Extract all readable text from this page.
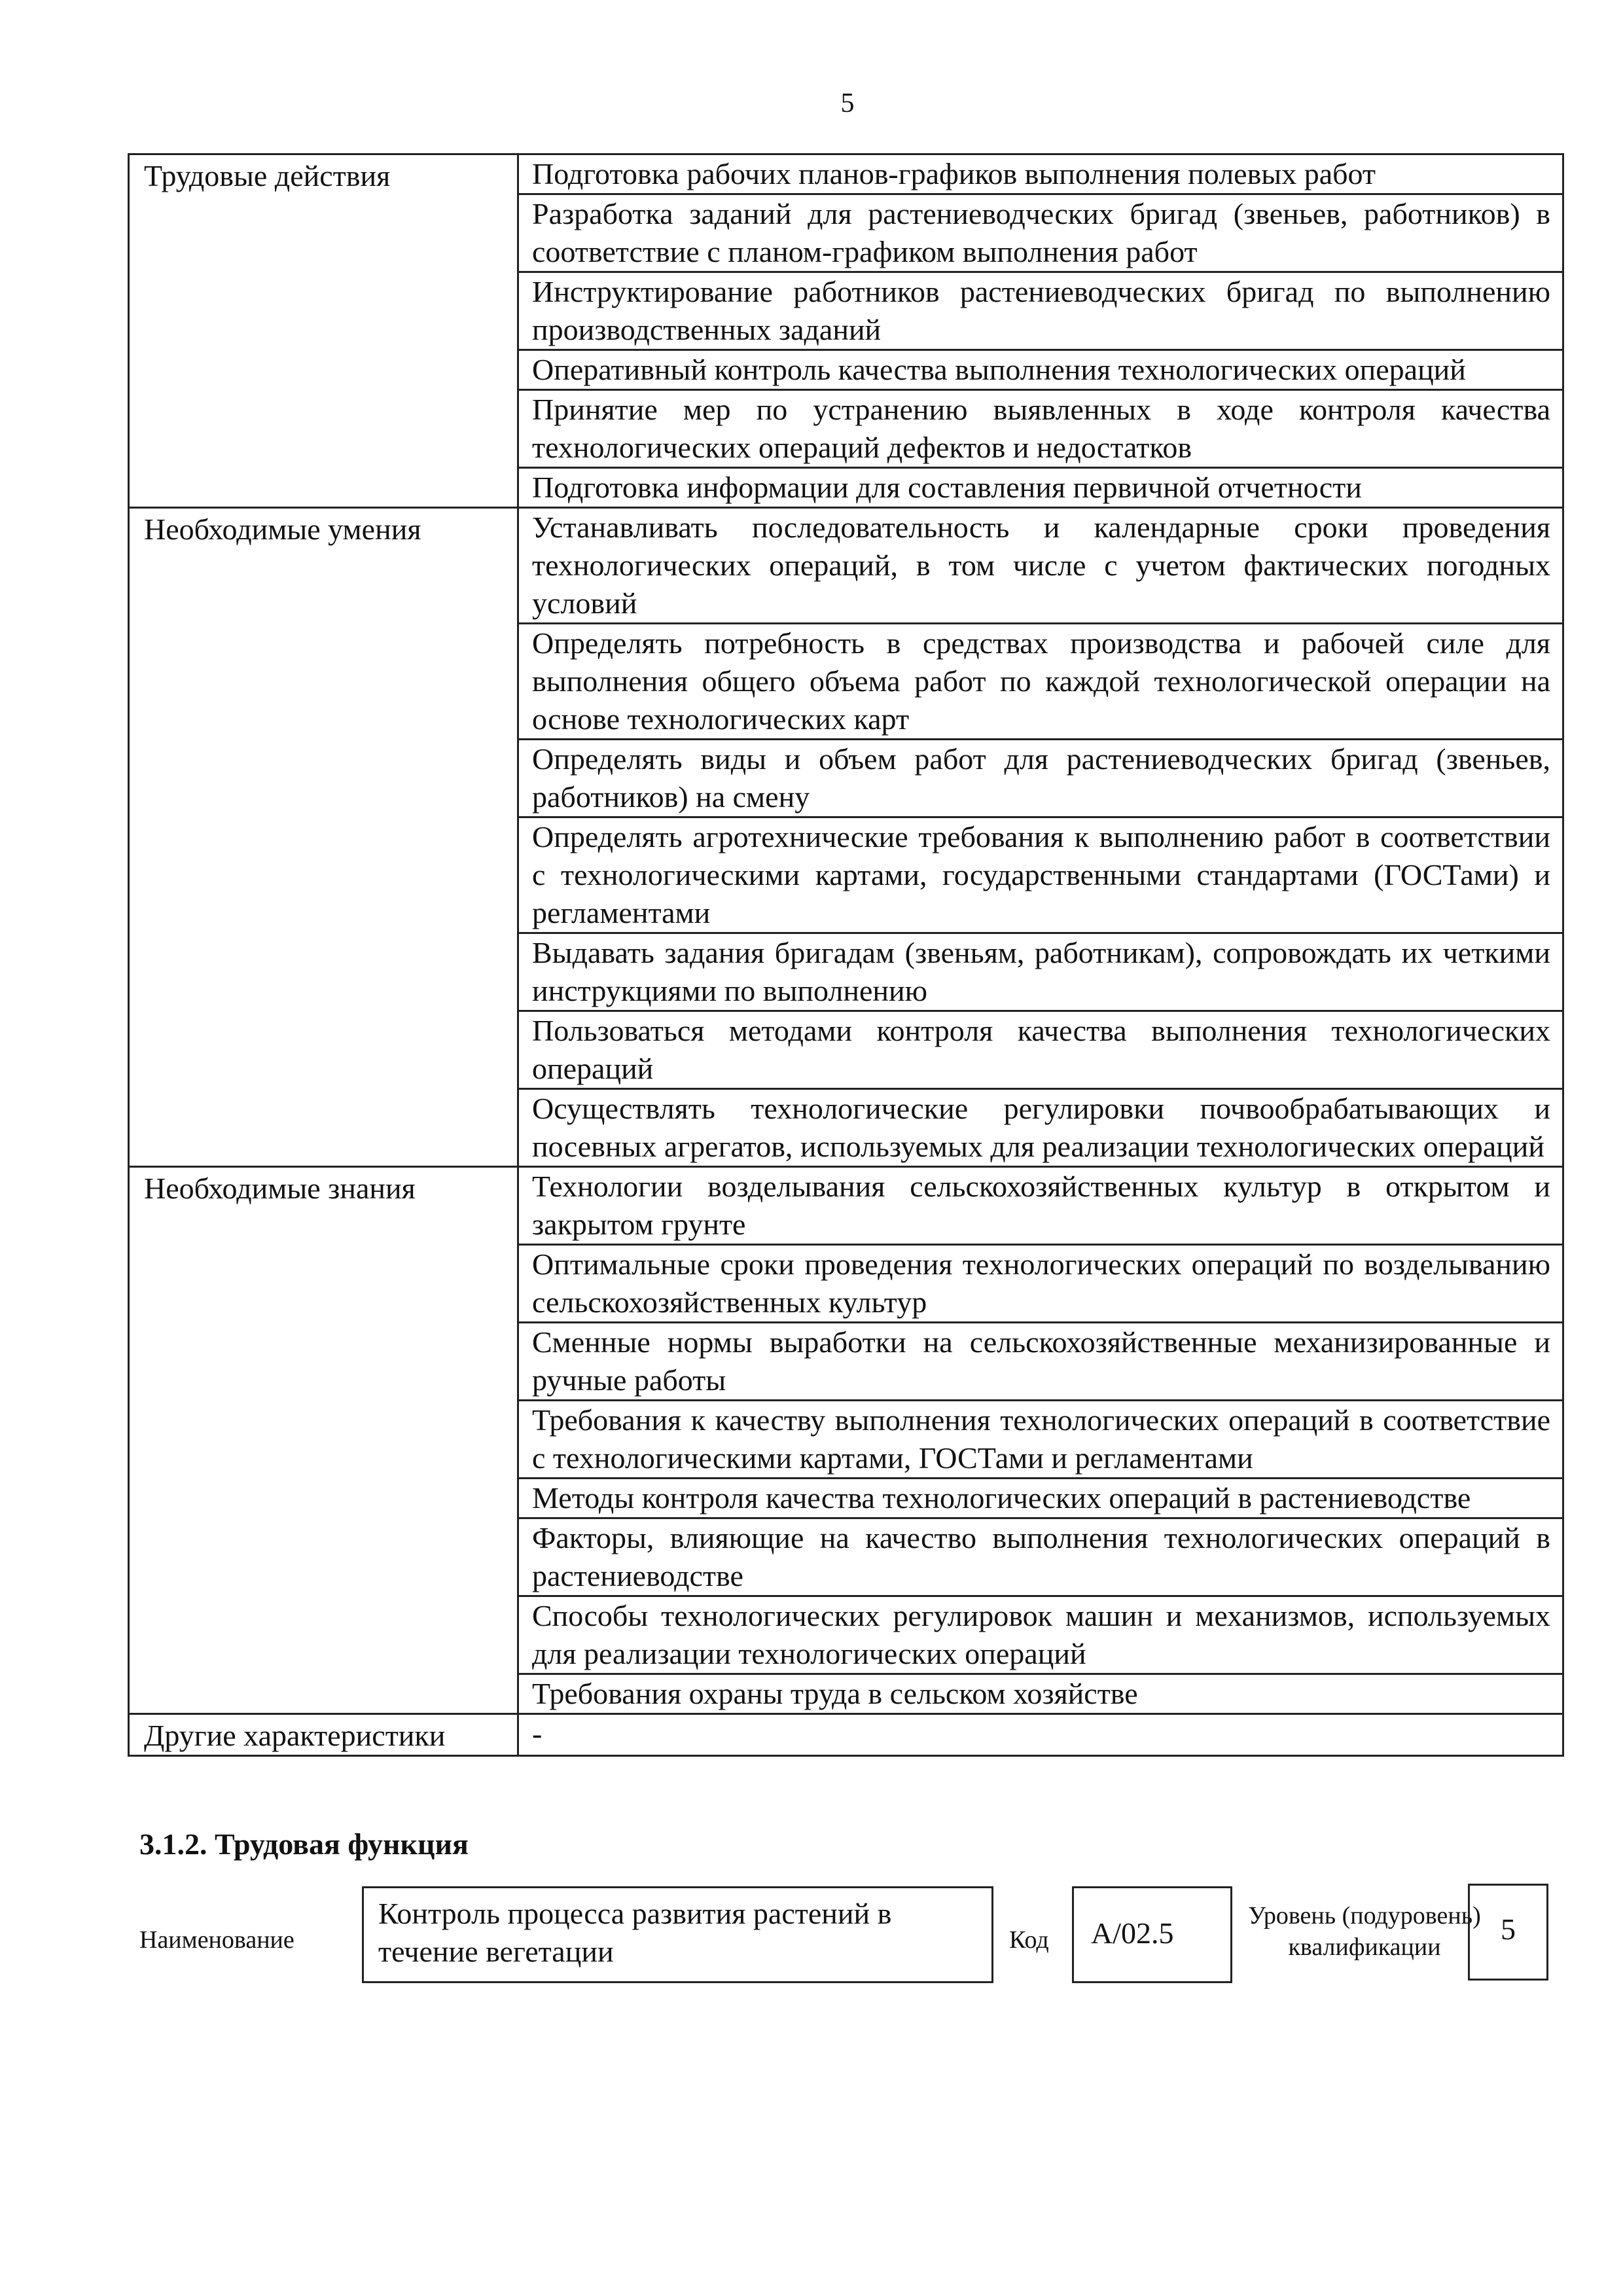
5
Трудовые действия	Подготовка рабочих планов-графиков выполнения полевых работ
	Разработка заданий для растениеводческих бригад (звеньев, работников) в соответствие с планом-графиком выполнения работ
	Инструктирование работников растениеводческих бригад по выполнению производственных заданий
	Оперативный контроль качества выполнения технологических операций
	Принятие мер по устранению выявленных в ходе контроля качества технологических операций дефектов и недостатков
	Подготовка информации для составления первичной отчетности
Необходимые умения	Устанавливать последовательность и календарные сроки проведения технологических операций, в том числе с учетом фактических погодных условий
	Определять потребность в средствах производства и рабочей силе для выполнения общего объема работ по каждой технологической операции на основе технологических карт
	Определять виды и объем работ для растениеводческих бригад (звеньев, работников) на смену
	Определять агротехнические требования к выполнению работ в соответствии с технологическими картами, государственными стандартами (ГОСТами) и регламентами
	Выдавать задания бригадам (звеньям, работникам), сопровождать их четкими инструкциями по выполнению
	Пользоваться методами контроля качества выполнения технологических операций
	Осуществлять технологические регулировки почвообрабатывающих и посевных агрегатов, используемых для реализации технологических операций
Необходимые знания	Технологии возделывания сельскохозяйственных культур в открытом и закрытом грунте
	Оптимальные сроки проведения технологических операций по возделыванию сельскохозяйственных культур
	Сменные нормы выработки на сельскохозяйственные механизированные и ручные работы
	Требования к качеству выполнения технологических операций в соответствие с технологическими картами, ГОСТами и регламентами
	Методы контроля качества технологических операций в растениеводстве
	Факторы, влияющие на качество выполнения технологических операций в растениеводстве
	Способы технологических регулировок машин и механизмов, используемых для реализации технологических операций
	Требования охраны труда в сельском хозяйстве
Другие характеристики	-
3.1.2. Трудовая функция
Наименование
Контроль процесса развития растений в течение вегетации	Код	А/02.5
Уровень (подуровень) квалификации
5
